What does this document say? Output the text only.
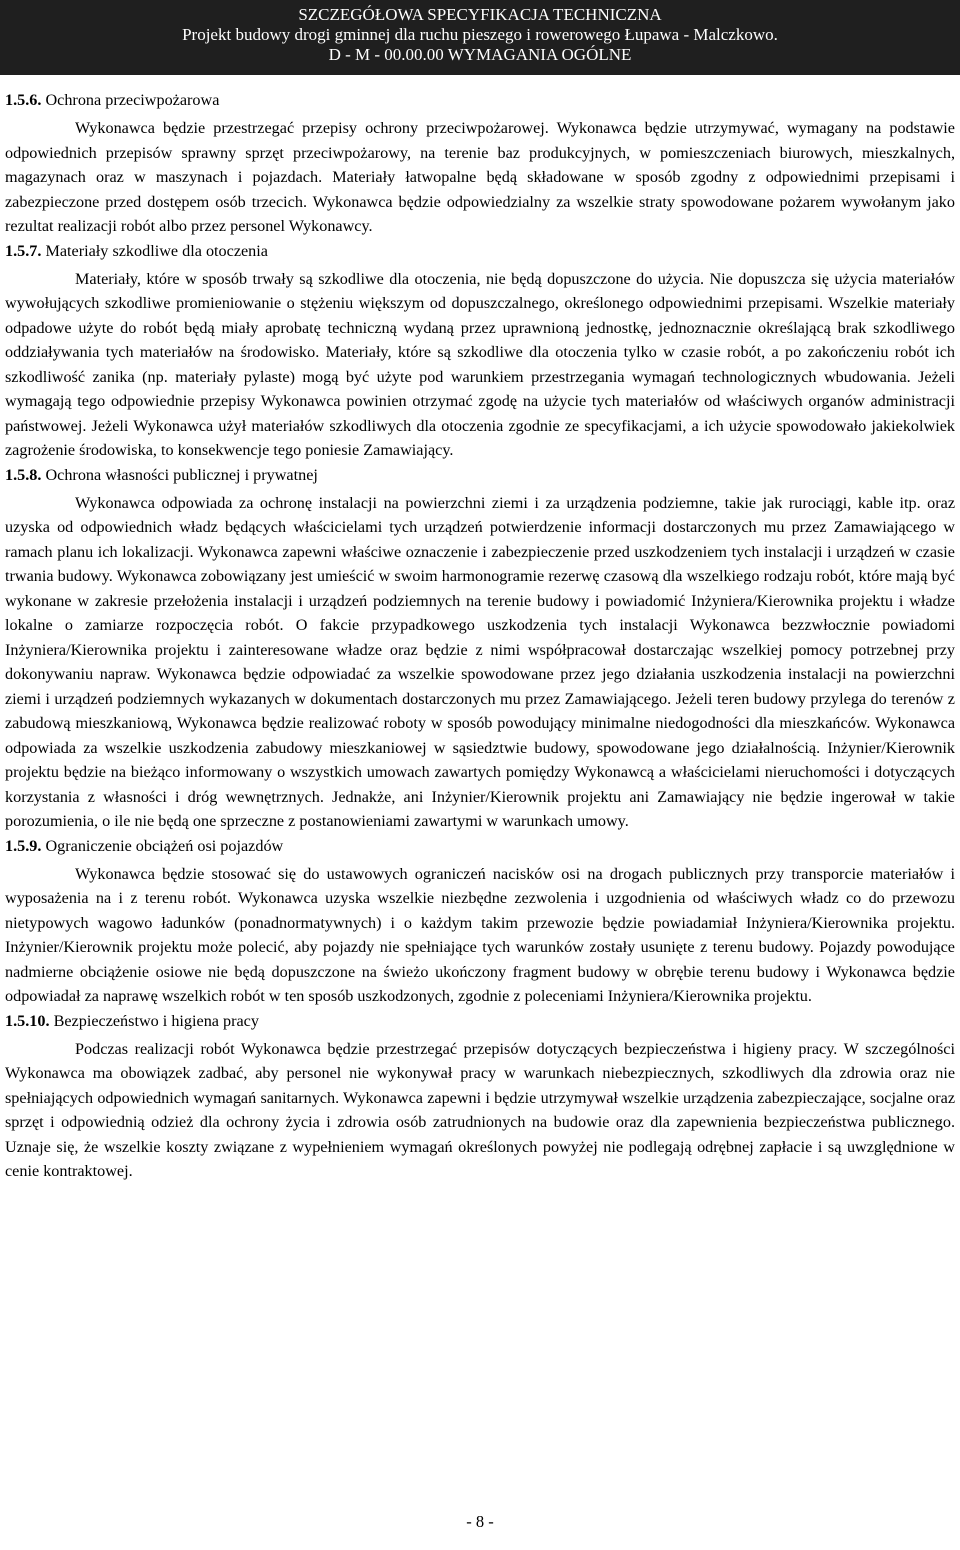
SZCZEGÓŁOWA SPECYFIKACJA TECHNICZNA
Projekt budowy drogi gminnej dla ruchu pieszego i rowerowego Łupawa - Malczkowo.
D - M - 00.00.00 WYMAGANIA OGÓLNE

1.5.6. Ochrona przeciwpożarowa

Wykonawca będzie przestrzegać przepisy ochrony przeciwpożarowej. Wykonawca będzie utrzymywać, wymagany na podstawie odpowiednich przepisów sprawny sprzęt przeciwpożarowy, na terenie baz produkcyjnych, w pomieszczeniach biurowych, mieszkalnych, magazynach oraz w maszynach i pojazdach. Materiały łatwopalne będą składowane w sposób zgodny z odpowiednimi przepisami i zabezpieczone przed dostępem osób trzecich. Wykonawca będzie odpowiedzialny za wszelkie straty spowodowane pożarem wywołanym jako rezultat realizacji robót albo przez personel Wykonawcy.

1.5.7. Materiały szkodliwe dla otoczenia

Materiały, które w sposób trwały są szkodliwe dla otoczenia, nie będą dopuszczone do użycia. Nie dopuszcza się użycia materiałów wywołujących szkodliwe promieniowanie o stężeniu większym od dopuszczalnego, określonego odpowiednimi przepisami. Wszelkie materiały odpadowe użyte do robót będą miały aprobatę techniczną wydaną przez uprawnioną jednostkę, jednoznacznie określającą brak szkodliwego oddziaływania tych materiałów na środowisko. Materiały, które są szkodliwe dla otoczenia tylko w czasie robót, a po zakończeniu robót ich szkodliwość zanika (np. materiały pylaste) mogą być użyte pod warunkiem przestrzegania wymagań technologicznych wbudowania. Jeżeli wymagają tego odpowiednie przepisy Wykonawca powinien otrzymać zgodę na użycie tych materiałów od właściwych organów administracji państwowej. Jeżeli Wykonawca użył materiałów szkodliwych dla otoczenia zgodnie ze specyfikacjami, a ich użycie spowodowało jakiekolwiek zagrożenie środowiska, to konsekwencje tego poniesie Zamawiający.

1.5.8. Ochrona własności publicznej i prywatnej

Wykonawca odpowiada za ochronę instalacji na powierzchni ziemi i za urządzenia podziemne, takie jak rurociągi, kable itp. oraz uzyska od odpowiednich władz będących właścicielami tych urządzeń potwierdzenie informacji dostarczonych mu przez Zamawiającego w ramach planu ich lokalizacji. Wykonawca zapewni właściwe oznaczenie i zabezpieczenie przed uszkodzeniem tych instalacji i urządzeń w czasie trwania budowy. Wykonawca zobowiązany jest umieścić w swoim harmonogramie rezerwę czasową dla wszelkiego rodzaju robót, które mają być wykonane w zakresie przełożenia instalacji i urządzeń podziemnych na terenie budowy i powiadomić Inżyniera/Kierownika projektu i władze lokalne o zamiarze rozpoczęcia robót. O fakcie przypadkowego uszkodzenia tych instalacji Wykonawca bezzwłocznie powiadomi Inżyniera/Kierownika projektu i zainteresowane władze oraz będzie z nimi współpracował dostarczając wszelkiej pomocy potrzebnej przy dokonywaniu napraw. Wykonawca będzie odpowiadać za wszelkie spowodowane przez jego działania uszkodzenia instalacji na powierzchni ziemi i urządzeń podziemnych wykazanych w dokumentach dostarczonych mu przez Zamawiającego. Jeżeli teren budowy przylega do terenów z zabudową mieszkaniową, Wykonawca będzie realizować roboty w sposób powodujący minimalne niedogodności dla mieszkańców. Wykonawca odpowiada za wszelkie uszkodzenia zabudowy mieszkaniowej w sąsiedztwie budowy, spowodowane jego działalnością. Inżynier/Kierownik projektu będzie na bieżąco informowany o wszystkich umowach zawartych pomiędzy Wykonawcą a właścicielami nieruchomości i dotyczących korzystania z własności i dróg wewnętrznych. Jednakże, ani Inżynier/Kierownik projektu ani Zamawiający nie będzie ingerował w takie porozumienia, o ile nie będą one sprzeczne z postanowieniami zawartymi w warunkach umowy.

1.5.9. Ograniczenie obciążeń osi pojazdów

Wykonawca będzie stosować się do ustawowych ograniczeń nacisków osi na drogach publicznych przy transporcie materiałów i wyposażenia na i z terenu robót. Wykonawca uzyska wszelkie niezbędne zezwolenia i uzgodnienia od właściwych władz co do przewozu nietypowych wagowo ładunków (ponadnormatywnych) i o każdym takim przewozie będzie powiadamiał Inżyniera/Kierownika projektu. Inżynier/Kierownik projektu może polecić, aby pojazdy nie spełniające tych warunków zostały usunięte z terenu budowy. Pojazdy powodujące nadmierne obciążenie osiowe nie będą dopuszczone na świeżo ukończony fragment budowy w obrębie terenu budowy i Wykonawca będzie odpowiadał za naprawę wszelkich robót w ten sposób uszkodzonych, zgodnie z poleceniami Inżyniera/Kierownika projektu.

1.5.10. Bezpieczeństwo i higiena pracy

Podczas realizacji robót Wykonawca będzie przestrzegać przepisów dotyczących bezpieczeństwa i higieny pracy. W szczególności Wykonawca ma obowiązek zadbać, aby personel nie wykonywał pracy w warunkach niebezpiecznych, szkodliwych dla zdrowia oraz nie spełniających odpowiednich wymagań sanitarnych. Wykonawca zapewni i będzie utrzymywał wszelkie urządzenia zabezpieczające, socjalne oraz sprzęt i odpowiednią odzież dla ochrony życia i zdrowia osób zatrudnionych na budowie oraz dla zapewnienia bezpieczeństwa publicznego. Uznaje się, że wszelkie koszty związane z wypełnieniem wymagań określonych powyżej nie podlegają odrębnej zapłacie i są uwzględnione w cenie kontraktowej.

- 8 -
